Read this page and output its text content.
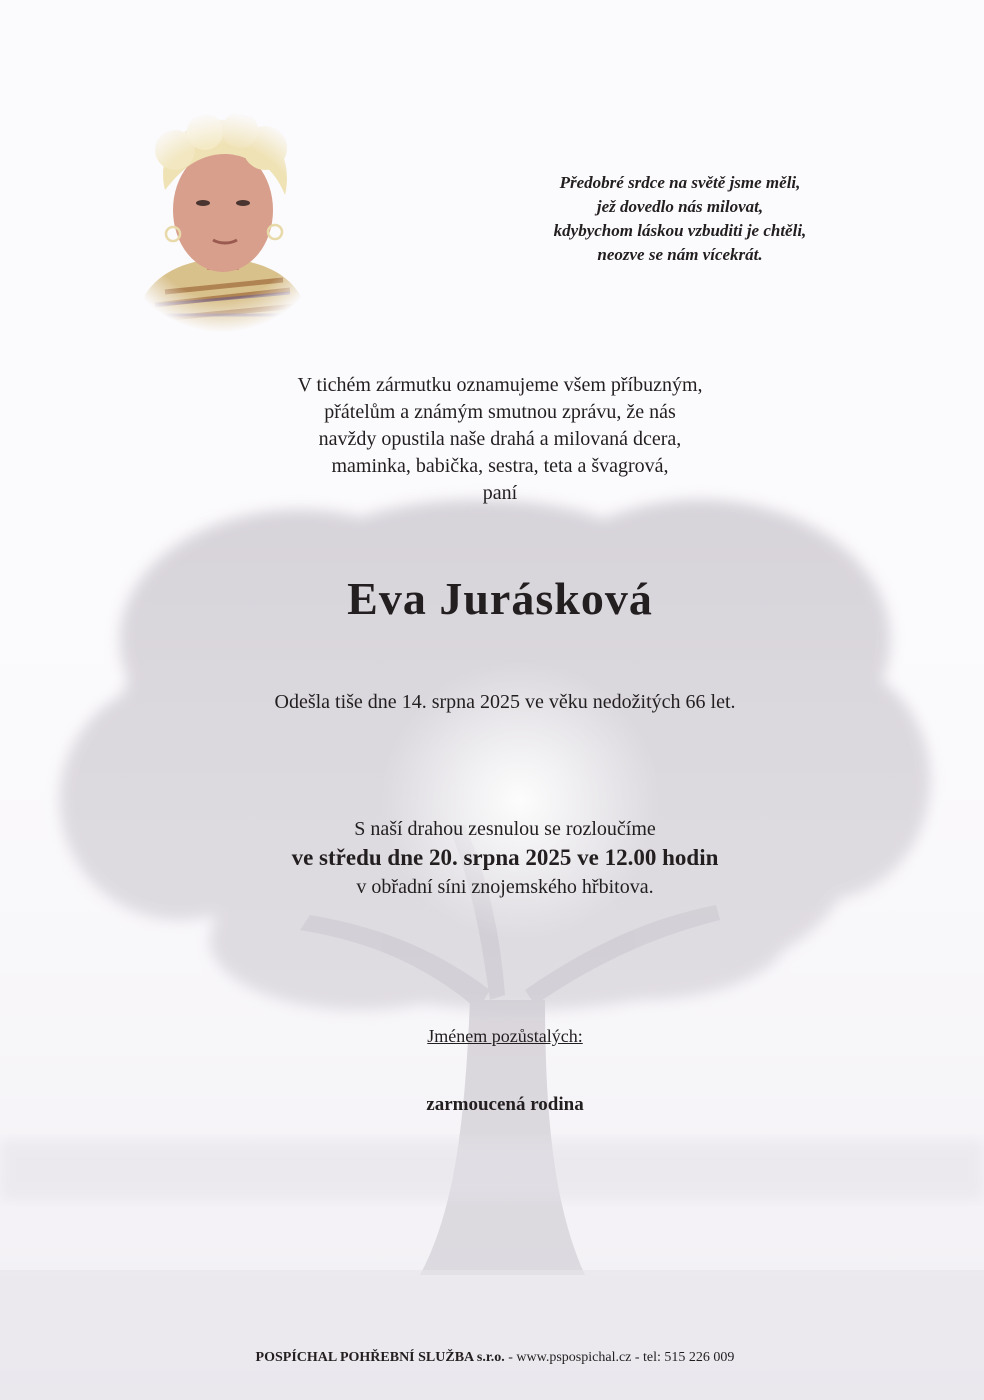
Předobré srdce na světě jsme měli,
jež dovedlo nás milovat,
kdybychom láskou vzbuditi je chtěli,
neozve se nám vícekrát.
V tichém zármutku oznamujeme všem příbuzným,
přátelům a známým smutnou zprávu, že nás
navždy opustila naše drahá a milovaná dcera,
maminka, babička, sestra, teta a švagrová,
paní
Eva Jurásková
Odešla tiše dne 14. srpna 2025 ve věku nedožitých 66 let.
S naší drahou zesnulou se rozloučíme
ve středu dne 20. srpna 2025 ve 12.00 hodin
v obřadní síni znojemského hřbitova.
Jménem pozůstalých:
zarmoucená rodina
POSPÍCHAL POHŘEBNÍ SLUŽBA s.r.o. - www.pspospichal.cz - tel: 515 226 009
